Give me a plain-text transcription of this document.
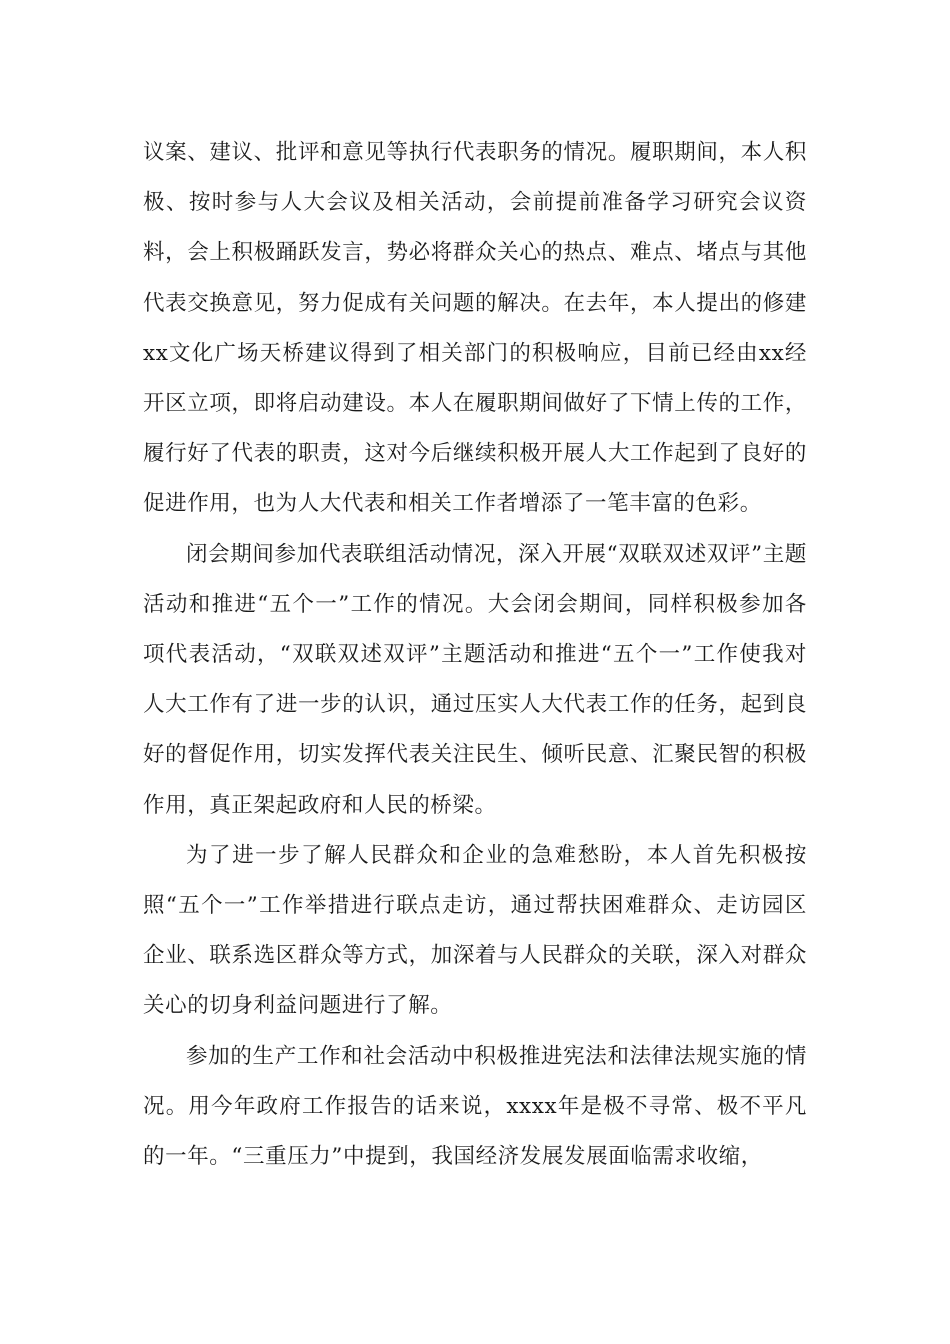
议案、建议、批评和意见等执行代表职务的情况。履职期间，本人积极、按时参与人大会议及相关活动，会前提前准备学习研究会议资料，会上积极踊跃发言，势必将群众关心的热点、难点、堵点与其他代表交换意见，努力促成有关问题的解决。在去年，本人提出的修建xx文化广场天桥建议得到了相关部门的积极响应，目前已经由xx经开区立项，即将启动建设。本人在履职期间做好了下情上传的工作，履行好了代表的职责，这对今后继续积极开展人大工作起到了良好的促进作用，也为人大代表和相关工作者增添了一笔丰富的色彩。

闭会期间参加代表联组活动情况，深入开展“双联双述双评”主题活动和推进“五个一”工作的情况。大会闭会期间，同样积极参加各项代表活动，“双联双述双评”主题活动和推进“五个一”工作使我对人大工作有了进一步的认识，通过压实人大代表工作的任务，起到良好的督促作用，切实发挥代表关注民生、倾听民意、汇聚民智的积极作用，真正架起政府和人民的桥梁。

为了进一步了解人民群众和企业的急难愁盼，本人首先积极按照“五个一”工作举措进行联点走访，通过帮扶困难群众、走访园区企业、联系选区群众等方式，加深着与人民群众的关联，深入对群众关心的切身利益问题进行了解。

参加的生产工作和社会活动中积极推进宪法和法律法规实施的情况。用今年政府工作报告的话来说，xxxx年是极不寻常、极不平凡的一年。“三重压力”中提到，我国经济发展发展面临需求收缩，
